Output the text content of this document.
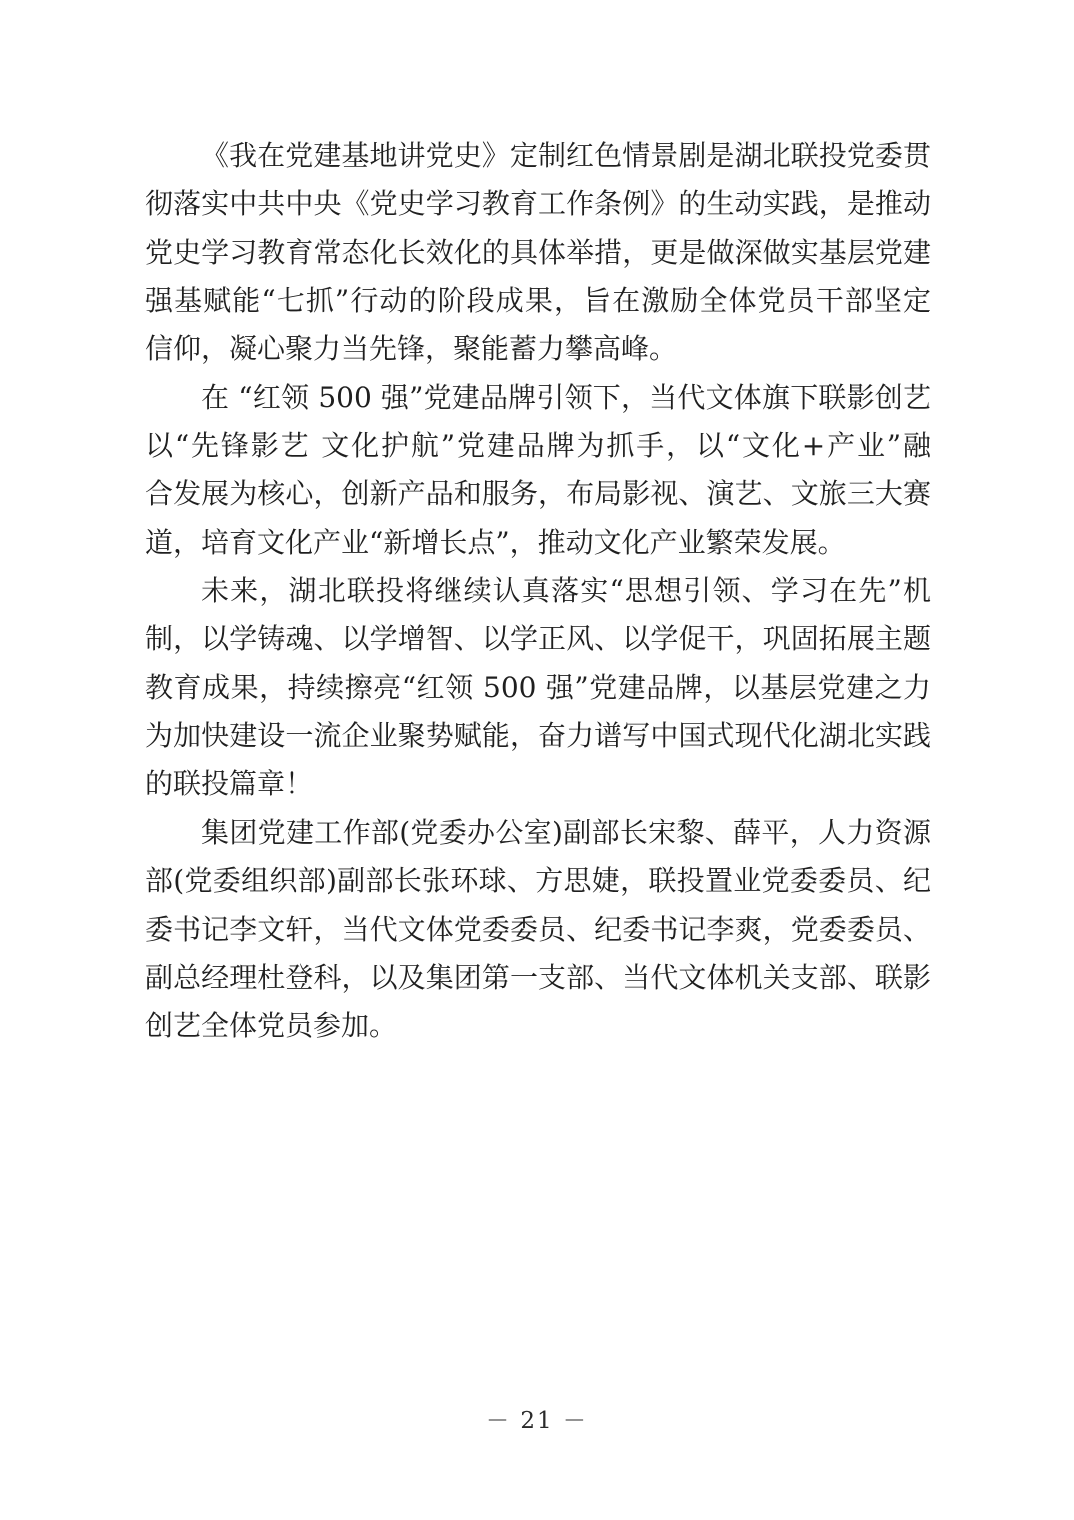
《我在党建基地讲党史》定制红色情景剧是湖北联投党委贯
彻落实中共中央《党史学习教育工作条例》的生动实践，是推动
党史学习教育常态化长效化的具体举措，更是做深做实基层党建
强基赋能“七抓”行动的阶段成果，旨在激励全体党员干部坚定
信仰，凝心聚力当先锋，聚能蓄力攀高峰。
在 “红领 500 强”党建品牌引领下，当代文体旗下联影创艺
以“先锋影艺 文化护航”党建品牌为抓手，以“文化+产业”融
合发展为核心，创新产品和服务，布局影视、演艺、文旅三大赛
道，培育文化产业“新增长点”，推动文化产业繁荣发展。
未来，湖北联投将继续认真落实“思想引领、学习在先”机
制，以学铸魂、以学增智、以学正风、以学促干，巩固拓展主题
教育成果，持续擦亮“红领 500 强”党建品牌，以基层党建之力
为加快建设一流企业聚势赋能，奋力谱写中国式现代化湖北实践
的联投篇章！
集团党建工作部(党委办公室)副部长宋黎、薛平，人力资源
部(党委组织部)副部长张环球、方思婕，联投置业党委委员、纪
委书记李文轩，当代文体党委委员、纪委书记李爽，党委委员、
副总经理杜登科，以及集团第一支部、当代文体机关支部、联影
创艺全体党员参加。
－ 21 －
